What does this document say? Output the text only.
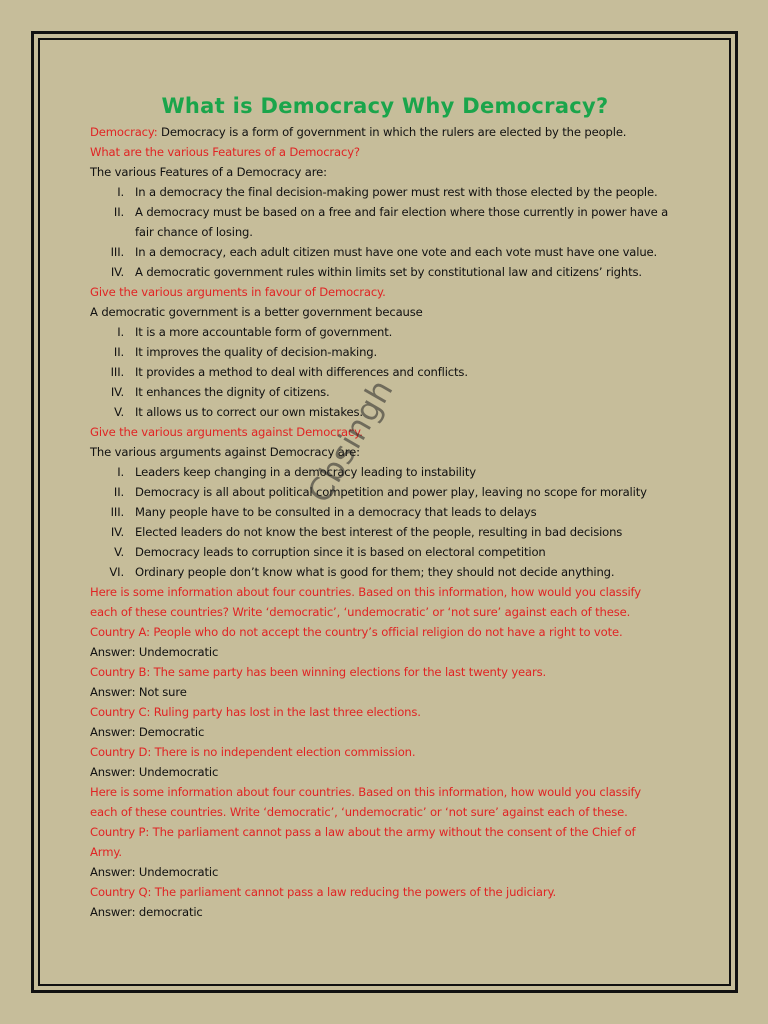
What is Democracy Why Democracy?
Democracy: Democracy is a form of government in which the rulers are elected by the people.
What are the various Features of a Democracy?
The various Features of a Democracy are:
I. In a democracy the final decision-making power must rest with those elected by the people.
II. A democracy must be based on a free and fair election where those currently in power have a fair chance of losing.
III. In a democracy, each adult citizen must have one vote and each vote must have one value.
IV. A democratic government rules within limits set by constitutional law and citizens’ rights.
Give the various arguments in favour of Democracy.
A democratic government is a better government because
I. It is a more accountable form of government.
II. It improves the quality of decision-making.
III. It provides a method to deal with differences and conflicts.
IV. It enhances the dignity of citizens.
V. It allows us to correct our own mistakes.
Give the various arguments against Democracy.
The various arguments against Democracy are:
I. Leaders keep changing in a democracy leading to instability
II. Democracy is all about political competition and power play, leaving no scope for morality
III. Many people have to be consulted in a democracy that leads to delays
IV. Elected leaders do not know the best interest of the people, resulting in bad decisions
V. Democracy leads to corruption since it is based on electoral competition
VI. Ordinary people don’t know what is good for them; they should not decide anything.
Here is some information about four countries. Based on this information, how would you classify
each of these countries? Write ‘democratic’, ‘undemocratic’ or ‘not sure’ against each of these.
Country A: People who do not accept the country’s official religion do not have a right to vote.
Answer: Undemocratic
Country B: The same party has been winning elections for the last twenty years.
Answer: Not sure
Country C: Ruling party has lost in the last three elections.
Answer: Democratic
Country D: There is no independent election commission.
Answer: Undemocratic
Here is some information about four countries. Based on this information, how would you classify
each of these countries. Write ‘democratic’, ‘undemocratic’ or ‘not sure’ against each of these.
Country P: The parliament cannot pass a law about the army without the consent of the Chief of
Army.
Answer: Undemocratic
Country Q: The parliament cannot pass a law reducing the powers of the judiciary.
Answer: democratic
Cbsingh
